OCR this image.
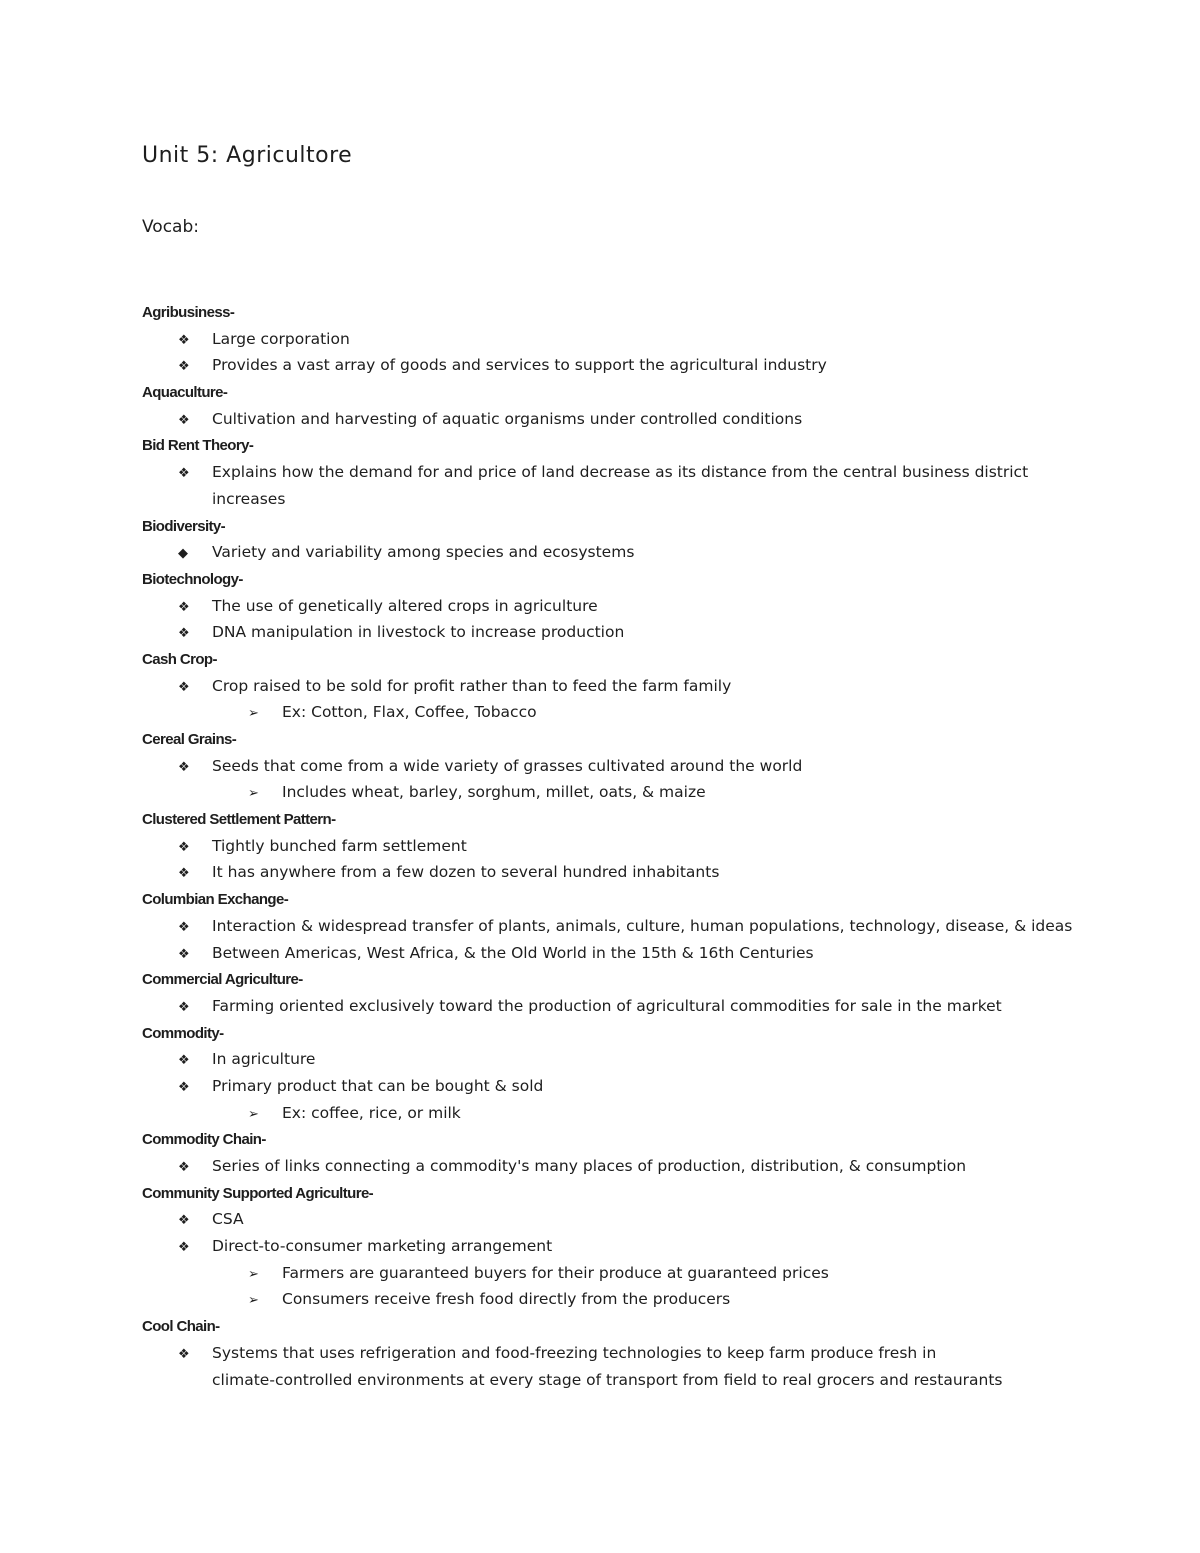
Unit 5: Agricultore

Vocab:

Agribusiness-
❖ Large corporation
❖ Provides a vast array of goods and services to support the agricultural industry
Aquaculture-
❖ Cultivation and harvesting of aquatic organisms under controlled conditions
Bid Rent Theory-
❖ Explains how the demand for and price of land decrease as its distance from the central business district
increases
Biodiversity-
◆ Variety and variability among species and ecosystems
Biotechnology-
❖ The use of genetically altered crops in agriculture
❖ DNA manipulation in livestock to increase production
Cash Crop-
❖ Crop raised to be sold for profit rather than to feed the farm family
➢ Ex: Cotton, Flax, Coffee, Tobacco
Cereal Grains-
❖ Seeds that come from a wide variety of grasses cultivated around the world
➢ Includes wheat, barley, sorghum, millet, oats, & maize
Clustered Settlement Pattern-
❖ Tightly bunched farm settlement
❖ It has anywhere from a few dozen to several hundred inhabitants
Columbian Exchange-
❖ Interaction & widespread transfer of plants, animals, culture, human populations, technology, disease, & ideas
❖ Between Americas, West Africa, & the Old World in the 15th & 16th Centuries
Commercial Agriculture-
❖ Farming oriented exclusively toward the production of agricultural commodities for sale in the market
Commodity-
❖ In agriculture
❖ Primary product that can be bought & sold
➢ Ex: coffee, rice, or milk
Commodity Chain-
❖ Series of links connecting a commodity's many places of production, distribution, & consumption
Community Supported Agriculture-
❖ CSA
❖ Direct-to-consumer marketing arrangement
➢ Farmers are guaranteed buyers for their produce at guaranteed prices
➢ Consumers receive fresh food directly from the producers
Cool Chain-
❖ Systems that uses refrigeration and food-freezing technologies to keep farm produce fresh in
climate-controlled environments at every stage of transport from field to real grocers and restaurants
